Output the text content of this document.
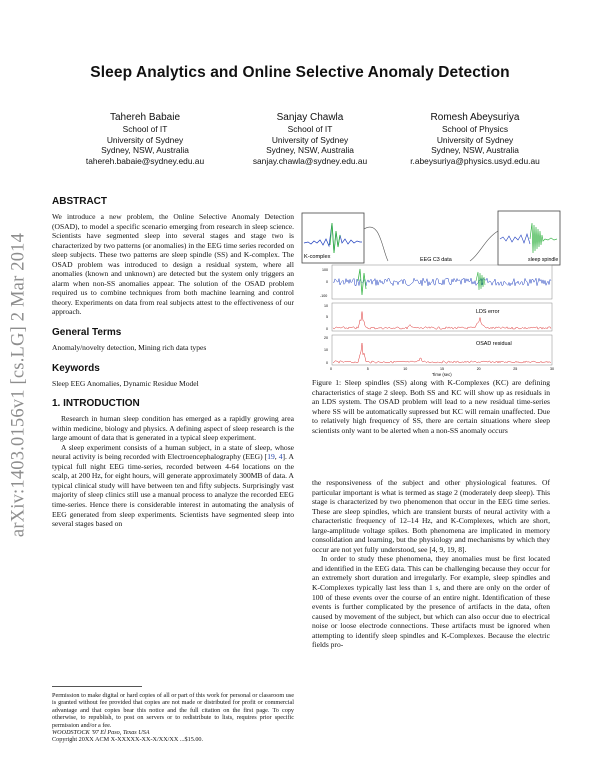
Sleep Analytics and Online Selective Anomaly Detection
Tahereh Babaie
School of IT
University of Sydney
Sydney, NSW, Australia
tahereh.babaie@sydney.edu.au
Sanjay Chawla
School of IT
University of Sydney
Sydney, NSW, Australia
sanjay.chawla@sydney.edu.au
Romesh Abeysuriya
School of Physics
University of Sydney
Sydney, NSW, Australia
r.abeysuriya@physics.usyd.edu.au
arXiv:1403.0156v1 [cs.LG] 2 Mar 2014
ABSTRACT

We introduce a new problem, the Online Selective Anomaly Detection (OSAD), to model a specific scenario emerging from research in sleep science. Scientists have segmented sleep into several stages and stage two is characterized by two patterns (or anomalies) in the EEG time series recorded on sleep subjects. These two patterns are sleep spindle (SS) and K-complex. The OSAD problem was introduced to design a residual system, where all anomalies (known and unknown) are detected but the system only triggers an alarm when non-SS anomalies appear. The solution of the OSAD problem required us to combine techniques from both machine learning and control theory. Experiments on data from real subjects attest to the effectiveness of our approach.

General Terms

Anomaly/novelty detection, Mining rich data types

Keywords

Sleep EEG Anomalies, Dynamic Residue Model

1. INTRODUCTION

Research in human sleep condition has emerged as a rapidly growing area within medicine, biology and physics. A defining aspect of sleep research is the large amount of data that is generated in a typical sleep experiment.

A sleep experiment consists of a human subject, in a state of sleep, whose neural activity is being recorded with Electroencephalography (EEG) [19, 4]. A typical full night EEG time-series, recorded between 4-64 locations on the scalp, at 200 Hz, for eight hours, will generate approximately 300MB of data. A typical clinical study will have between ten and fifty subjects. Surprisingly vast majority of sleep clinics still use a manual process to analyze the recorded EEG time-series. Hence there is considerable interest in automating the analysis of EEG generated from sleep experiments. Scientists have segmented sleep into several stages based on

Permission to make digital or hard copies of all or part of this work for personal or classroom use is granted without fee provided that copies are not made or distributed for profit or commercial advantage and that copies bear this notice and the full citation on the first page. To copy otherwise, to republish, to post on servers or to redistribute to lists, requires prior specific permission and/or a fee.

WOODSTOCK '97 El Paso, Texas USA

Copyright 20XX ACM X-XXXXX-XX-X/XX/XX ...$15.00.

K-complex	sleep spindle
EEG C3 data
100
0
-100
LDS error
10
5
0
OSAD residual
20
10
0
0	5	10	15	20	25	30
Time (sec)
Figure 1: Sleep spindles (SS) along with K-Complexes (KC) are defining characteristics of stage 2 sleep. Both SS and KC will show up as residuals in an LDS system. The OSAD problem will lead to a new residual time-series where SS will be automatically supressed but KC will remain unaffected. Due to relatively high frequency of SS, there are certain situations where sleep scientists only want to be alerted when a non-SS anomaly occurs

the responsiveness of the subject and other physiological features. Of particular important is what is termed as stage 2 (moderately deep sleep). This stage is characterized by two phenomenon that occur in the EEG time series. These are sleep spindles, which are transient bursts of neural activity with a characteristic frequency of 12–14 Hz, and K-Complexes, which are short, large-amplitude voltage spikes. Both phenomena are implicated in memory consolidation and learning, but the physiology and mechanisms by which they occur are not yet fully understood, see [4, 9, 19, 8].

In order to study these phenomena, they anomalies must be first located and identified in the EEG data. This can be challenging because they occur for an extremely short duration and irregularly. For example, sleep spindles and K-Complexes typically last less than 1 s, and there are only on the order of 100 of these events over the course of an entire night. Identification of these events is further complicated by the presence of artifacts in the data, often caused by movement of the subject, but which can also occur due to electrical noise or loose electrode connections. These artifacts must be ignored when attempting to identify sleep spindles and K-Complexes. Because the electric fields pro-
